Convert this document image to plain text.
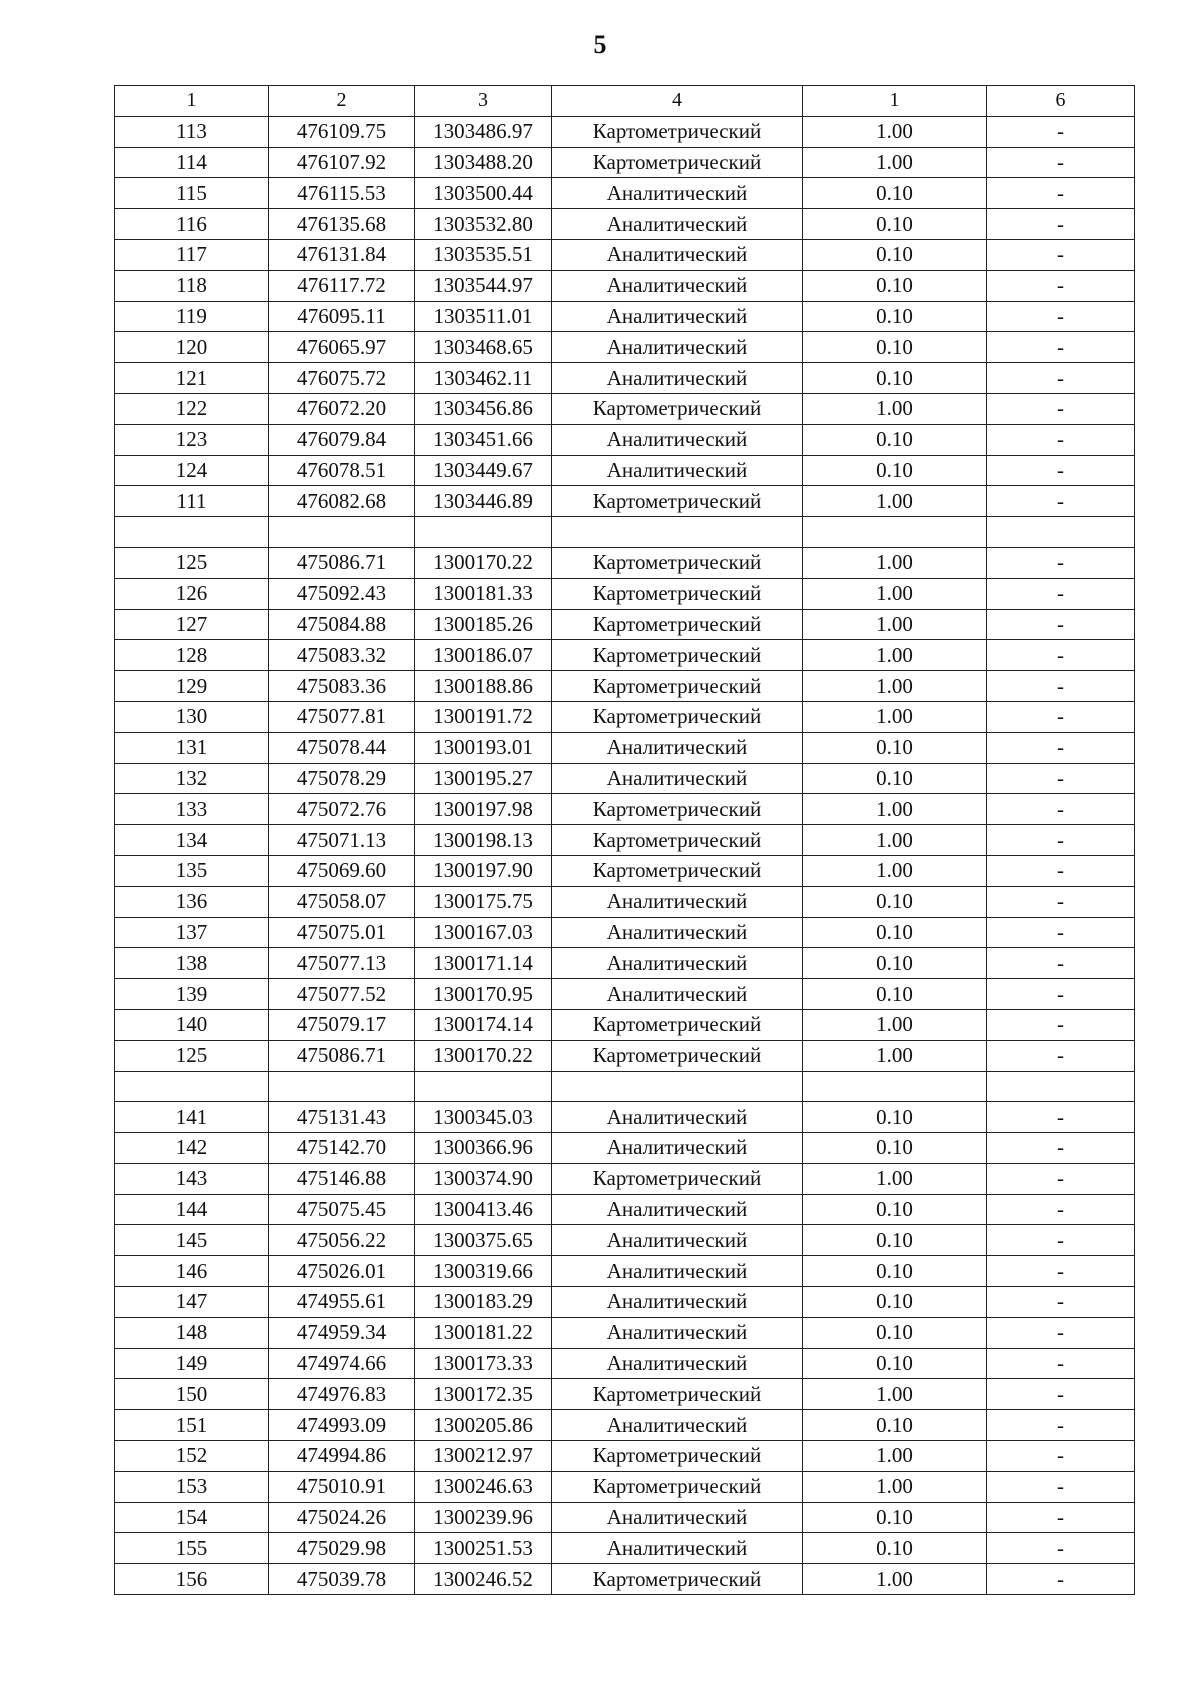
5
1	2	3	4	1	6
113	476109.75	1303486.97	Картометрический	1.00	-
114	476107.92	1303488.20	Картометрический	1.00	-
115	476115.53	1303500.44	Аналитический	0.10	-
116	476135.68	1303532.80	Аналитический	0.10	-
117	476131.84	1303535.51	Аналитический	0.10	-
118	476117.72	1303544.97	Аналитический	0.10	-
119	476095.11	1303511.01	Аналитический	0.10	-
120	476065.97	1303468.65	Аналитический	0.10	-
121	476075.72	1303462.11	Аналитический	0.10	-
122	476072.20	1303456.86	Картометрический	1.00	-
123	476079.84	1303451.66	Аналитический	0.10	-
124	476078.51	1303449.67	Аналитический	0.10	-
111	476082.68	1303446.89	Картометрический	1.00	-

125	475086.71	1300170.22	Картометрический	1.00	-
126	475092.43	1300181.33	Картометрический	1.00	-
127	475084.88	1300185.26	Картометрический	1.00	-
128	475083.32	1300186.07	Картометрический	1.00	-
129	475083.36	1300188.86	Картометрический	1.00	-
130	475077.81	1300191.72	Картометрический	1.00	-
131	475078.44	1300193.01	Аналитический	0.10	-
132	475078.29	1300195.27	Аналитический	0.10	-
133	475072.76	1300197.98	Картометрический	1.00	-
134	475071.13	1300198.13	Картометрический	1.00	-
135	475069.60	1300197.90	Картометрический	1.00	-
136	475058.07	1300175.75	Аналитический	0.10	-
137	475075.01	1300167.03	Аналитический	0.10	-
138	475077.13	1300171.14	Аналитический	0.10	-
139	475077.52	1300170.95	Аналитический	0.10	-
140	475079.17	1300174.14	Картометрический	1.00	-
125	475086.71	1300170.22	Картометрический	1.00	-

141	475131.43	1300345.03	Аналитический	0.10	-
142	475142.70	1300366.96	Аналитический	0.10	-
143	475146.88	1300374.90	Картометрический	1.00	-
144	475075.45	1300413.46	Аналитический	0.10	-
145	475056.22	1300375.65	Аналитический	0.10	-
146	475026.01	1300319.66	Аналитический	0.10	-
147	474955.61	1300183.29	Аналитический	0.10	-
148	474959.34	1300181.22	Аналитический	0.10	-
149	474974.66	1300173.33	Аналитический	0.10	-
150	474976.83	1300172.35	Картометрический	1.00	-
151	474993.09	1300205.86	Аналитический	0.10	-
152	474994.86	1300212.97	Картометрический	1.00	-
153	475010.91	1300246.63	Картометрический	1.00	-
154	475024.26	1300239.96	Аналитический	0.10	-
155	475029.98	1300251.53	Аналитический	0.10	-
156	475039.78	1300246.52	Картометрический	1.00	-
